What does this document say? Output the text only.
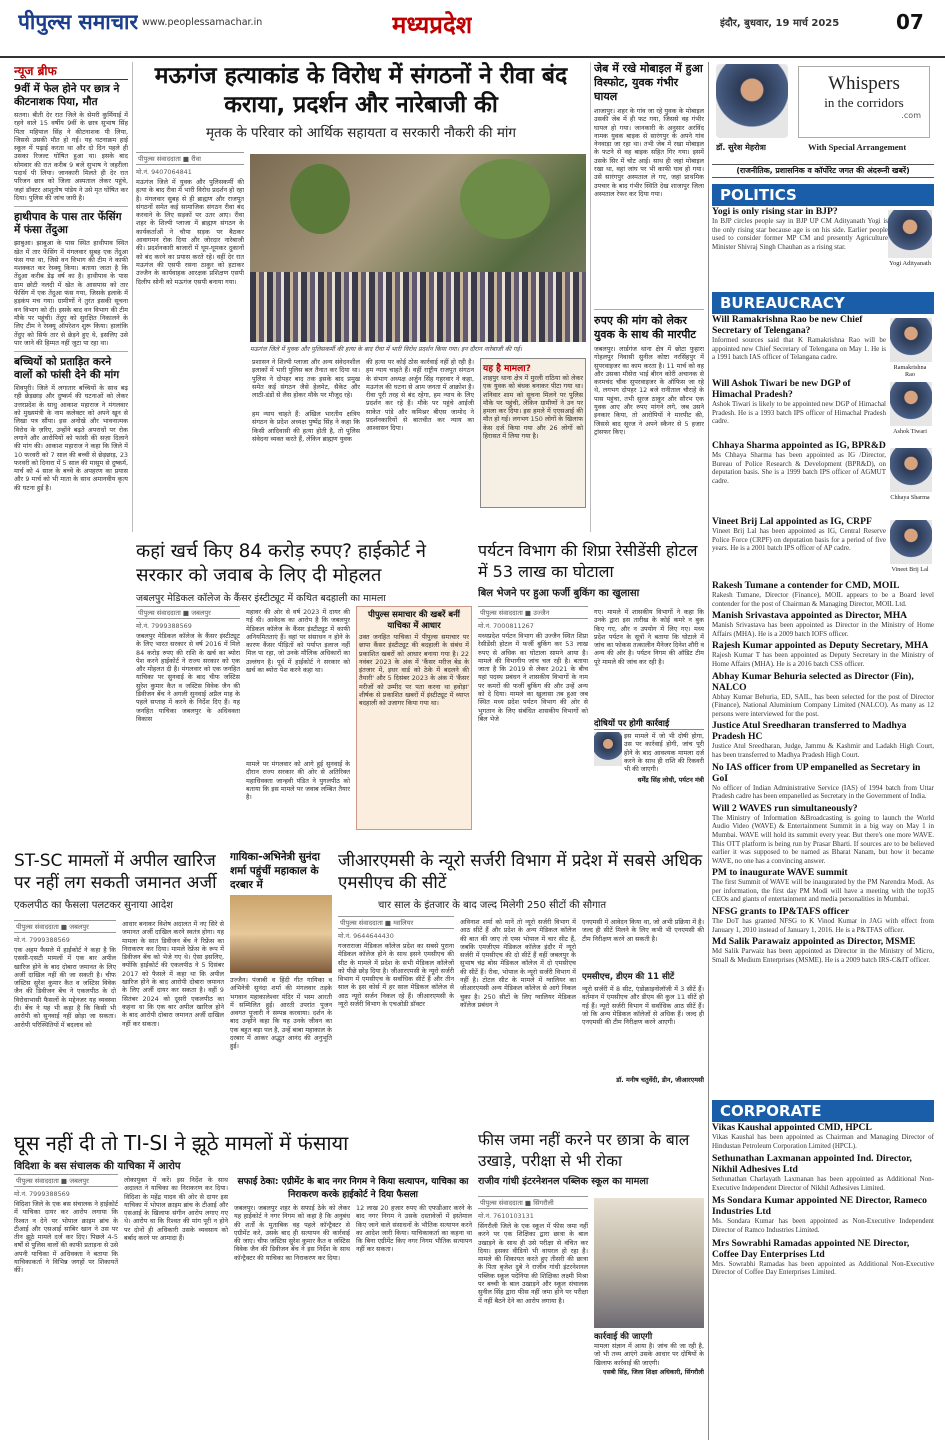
पीपुल्स समाचार www.peoplessamachar.in	मध्यप्रदेश	इंदौर, बुधवार, 19 मार्च 2025	07
न्यूज ब्रीफ
9वीं में फेल होने पर छात्र ने कीटनाशक पिया, मौत
सतना। बीती देर रात जिले के सेमरी कुर्मियाई में रहने वाले 15 वर्षीय 9वीं के छात्र सुभाष सिंह पिता महिपाल सिंह ने कीटनाशक पी लिया, जिससे उसकी मौत हो गई। यह घटनाक्रम हाई स्कूल में पढ़ाई करता था और दो दिन पहले ही उसका रिजल्ट घोषित हुआ था। इसके बाद सोमवार की रात करीब 9 बजे सुभाष ने जहरीला पदार्थ पी लिया। जानकारी मिलते ही देर रात परिजन छात्र को जिला अस्पताल लेकर पहुंचे, जहां डॉक्टर आशुतोष पांडेय ने उसे मृत घोषित कर दिया। पुलिस की जांच जारी है।
हाथीपाव के पास तार फेंसिंग में फंसा तेंदुआ
झाबुआ। झाबुआ के पास स्थित हाथीपाव स्थित खेत में तार फेंसिंग में मंगलवार सुबह एक तेंदुआ फंस गया था, जिसे वन विभाग की टीम ने काफी मशक्कत कर रेस्क्यू किया। बताया जाता है कि तेंदुआ करीब डेढ़ वर्ष का है। हाथीपाव के पास ग्राम छोटी नलदी में खेत के आसपास को तार फेंसिंग में एक तेंदुआ फंस गया, जिसके इलाके में हड़कंप मच गया। ग्रामीणों ने तुरंत इसकी सूचना वन विभाग को दी। इसके बाद वन विभाग की टीम मौके पर पहुंची। तेंदुए को सुरक्षित निकालने के लिए टीम ने रेस्क्यू ऑपरेशन शुरू किया। हालांकि तेंदुए को सिर्फ तार से छेड़ने हुए थे, इसलिए उसे पार जाने की हिम्मत नहीं जुटा पा रहा था।
बच्चियों को प्रताड़ित करने वालों को फांसी देने की मांग
शिवपुरी। जिले में लगातार बच्चियों के साथ बढ़ रही छेड़छाड़ और दुष्कर्म की घटनाओं को लेकर उत्तरप्रदेश के साधु आकाश महाराज ने मंगलवार को मुख्यमंत्री के नाम कलेक्टर को अपने खून से लिखा पत्र सौंपा। इस अनोखे और भावनात्मक विरोध के ज़रिए, उन्होंने बढ़ते अपराधों पर रोक लगाने और आरोपियों को फांसी की सज़ा दिलाने की मांग की। आकाश महाराज ने कहा कि जिले में 10 फरवरी को 7 साल की बच्ची से छेड़छाड़, 23 फरवरी को दिनारा में 5 साल की मासूम से दुष्कर्म, मार्च को 4 साल के बच्चे के अपहरण का प्रयास और 9 मार्च को भी माता के साथ अमानवीय कृत्य की घटना हुई है।
मऊगंज हत्याकांड के विरोध में संगठनों ने रीवा बंद कराया, प्रदर्शन और नारेबाजी की
मृतक के परिवार को आर्थिक सहायता व सरकारी नौकरी की मांग
पीपुल्स संवाददाता ■ रीवा
मो.नं. 9407064841
मऊगंज जिले में युवक और पुलिसकर्मी की हत्या के बाद रीवा में भारी विरोध प्रदर्शन हो रहा है। मंगलवार सुबह से ही ब्राह्मण और राजपूत संगठनों समेत कई सामाजिक संगठन रीवा बंद करवाने के लिए सड़कों पर उतर आए। रीवा शहर के शिल्पी प्लाजा में ब्राह्मण संगठन के कार्यकर्ताओं ने चौपा सड़क पर बैठकर आवागमन रोक दिया और जोरदार नारेबाजी की। प्रदर्शनकारी बाजारों में घूम-घूमकर दुकानों को बंद करने का प्रयास करते रहे। वहीं देर रात मऊगंज की एसपी रसना ठाकुर को हटाकर उज्जैन के कार्यवाहक आरक्षक प्रशिक्षण एसपी दिलीप सोनी को मऊगंज एसपी बनाया गया।
मऊगंज जिले में युवक और पुलिसकर्मी की हत्या के बाद रीवा में भारी विरोध प्रदर्शन किया गया। इन दौरान नारेबाजी की गई।
प्रशासन ने शिल्पी प्लाजा और अन्य संवेदनशील इलाकों में भारी पुलिस बल तैनात कर दिया था। पुलिस ने दोपहर बाद तक इसके बाद प्रमुख समेत कई संगठन जैसे हेलमेट, सैकेट और लाठी-डंडों से लैस होकर मौके पर मौजूद रहे।
हम न्याय चाहते हैं: अखिल भारतीय क्षत्रिय संगठन के प्रदेश अध्यक्ष पुष्पेंद्र सिंह ने कहा कि किसी आदिवासी की हत्या होती है, तो पुलिस संवेदना व्यक्त करते हैं, लेकिन ब्राह्मण युवक
की हत्या पर कोई ठोस कार्रवाई नहीं हो रही है। हम न्याय चाहते हैं। वहीं राष्ट्रीय राजपूत संगठन के संभाग अध्यक्ष अर्जुन सिंह गहरवार ने कहा, मऊगंज की घटना से आम जनता में आक्रोश है। रीवा पूरी तरह से बंद रहेगा, हम न्याय के लिए प्रदर्शन कर रहे हैं। मौके पर पहुंचे आईजी साकेत पांडे और कमिश्नर बीएस जामोद ने प्रदर्शनकारियों से बातचीत कर न्याय का आश्वासन दिया।
यह है मामला?
शाहपुर थाना क्षेत्र में मुरली राठिया को लेकर एक युवक को बंधक बनाकर पीटा गया था। शनिवार शाम को सूचना मिलने पर पुलिस मौके पर पहुंची, लेकिन ग्रामीणों ने उन पर हमला कर दिया। इस हमले में एएसआई की मौत हो गई। लगभग 150 लोगों के खिलाफ केस दर्ज किया गया और 26 लोगों को हिरासत में लिया गया है।
जेब में रखे मोबाइल में हुआ विस्फोट, युवक गंभीर घायल
शाजापुर। शहर के गांव जा रहे युवक के मोबाइल उसकी जेब में ही फट गया, जिससे वह गंभीर घायल हो गया। जानकारी के अनुसार अरविंद नामक युवक बाइक से सारंगपुर के अपने गांव नेनवाड़ा जा रहा था। तभी जेब में रखा मोबाइल के फटने से वह बाइक सहित गिर गया। इसमें उसके सिर में चोट आई। साथ ही जहां मोबाइल रखा था, वहां जांघ पर भी काफी घाव हो गया। उसे सारंगपुर अस्पताल ले गए, जहां प्राथमिक उपचार के बाद गंभीर स्थिति देख शाजापुर जिला अस्पताल रेफर कर दिया गया।
रुपए की मांग को लेकर युवक के साथ की मारपीट
जबलपुर। लार्डगंज थाना क्षेत्र में छोटा फुहारा गोहलपुर निवासी सुनील कोष्टा नरसिंहपुर में सुपरवाइजर का काम करता है। 11 मार्च को वह और उसका मौसेरा भाई बीरन कोरी अचानक से करमचंद चौक सुपरवाइजर के ऑफिस जा रहे थे, लगभग दोपहर 12 बजे रानीताल चौराहे के पास पहुंचा, तभी सुरज ठाकुर और सौरभ एक युवक आए और रुपए मांगने लगे, जब उसने इनकार किया, तो आरोपियों ने मारपीट की, जिससे बाद सूरज ने अपने स्कैनर से 5 हजार ट्रांसफर किए।
कहां खर्च किए 84 करोड़ रुपए? हाईकोर्ट ने सरकार को जवाब के लिए दी मोहलत
जबलपुर मेडिकल कॉलेज के कैंसर इंस्टीट्यूट में कथित बदहाली का मामला
पीपुल्स संवाददाता ■ जबलपुर
मो.नं. 7999388569
जबलपुर मेडिकल कॉलेज के कैंसर इंस्टीट्यूट के लिए भारत सरकार से वर्ष 2016 में मिले 84 करोड़ रुपए की राशि के खर्च का ब्योरा पेश करने हाईकोर्ट ने राज्य सरकार को एक और मोहलत दी है। मंगलवार को एक जनहित याचिका पर सुनवाई के बाद चीफ जस्टिस सुरेश कुमार कैत व जस्टिस विवेक जैन की डिवीजन बेंच ने अगली सुनवाई अप्रैल माह के पहले सप्ताह में करने के निर्देश दिए हैं। यह जनहित याचिका जबलपुर के अधिवक्ता विकास
महावर की ओर से वर्ष 2023 में दायर की गई थी। आवेदक का आरोप है कि जबलपुर मेडिकल कॉलेज के कैंसर इंस्टीट्यूट में काफी अनियमितताएं हैं। वहां पर संसाधन न होने के कारण कैंसर पीड़ितों को पर्याप्त इलाज नहीं मिल पा रहा, जो उनके मौलिक अधिकारों का उल्लंघन है। पूर्व में हाईकोर्ट ने सरकार को खर्च का ब्योरा पेश करने कहा था।
मामले पर मंगलवार को आगे हुई सुनवाई के दौरान राज्य सरकार की ओर से अतिरिक्त महाधिवक्ता जान्हवी पंडित ने युगलपीठ को बताया कि इस मामले पर जवाब लम्बित तैयार है।
पीपुल्स समाचार की खबरें बनीं याचिका में आधार
उक्त जनहित याचिका में पीपुल्स समाचार पर छापा कैंसर इंस्टीट्यूट की बदहाली के संबंध में प्रकाशित खबरों को आधार बनाया गया है। 22 नवंबर 2023 के अंक में 'कैंसर मरीज बेड के इंतजार में, इधर वार्ड को ठेके में बदलने की तैयारी' और 5 दिसंबर 2023 के अंक में 'कैंसर मरीजों को उम्मीद पर पता करना था हवोड़ा' शीर्षक से प्रकाशित खबरों में इंस्टीट्यूट में व्याप्त बदहाली को उजागर किया गया था।
पर्यटन विभाग की शिप्रा रेसीडेंसी होटल में 53 लाख का घोटाला
बिल भेजने पर हुआ फर्जी बुकिंग का खुलासा
पीपुल्स संवाददाता ■ उज्जैन
मो.नं. 7000811267
मध्यप्रदेश पर्यटन विभाग की उज्जैन स्थित शिप्रा रेसीडेंसी होटल में फर्जी बुकिंग कर 53 लाख रुपए से अधिक का घोटाला सामने आया है। मामले की विभागीय जांच चल रही है। बताया जाता है कि 2019 से लेकर 2021 के बीच यहां पदस्थ प्रबंधन ने शासकीय विभागों के नाम पर कमरों की फर्जी बुकिंग की और उन्हें अन्य को दे दिया। मामले का खुलासा तब हुआ जब स्थित मध्य प्रदेश पर्यटन विभाग की ओर से भुगतान के लिए संबंधित शासकीय विभागों को बिल भेजे
गए। मामले में शासकीय विभागों ने कहा कि उनके द्वारा इस तारीख के कोई कमरे न बुक किए गए, और न उपयोग में लिए गए। मध्य प्रदेश पर्यटन के सूत्रों ने बताया कि घोटाले में जांच का फोकस तत्कालीन मैनेजर दिनेश शौरी व अन्य की ओर है। पर्यटन निगम की ऑडिट टीम पूरे मामले की जांच कर रही है।
दोषियों पर होगी कार्रवाई
इस मामले में जो भी दोषी होगा, उस पर कार्रवाई होगी, जांच पूरी होने के बाद आवश्यक मामला दर्ज करने के साथ ही राशि की रिकवरी भी की जाएगी।
धर्मेंद्र सिंह लोधी, पर्यटन मंत्री
ST-SC मामलों में अपील खारिज पर नहीं लग सकती जमानत अर्जी
एकलपीठ का फैसला पलटकर सुनाया आदेश
पीपुल्स संवाददाता ■ जबलपुर
मो.नं. 7999388569
एक अहम फैसले में हाईकोर्ट ने कहा है कि एससी-एसटी मामलों में एक बार अपील खारिज होने के बाद दोबारा जमानत के लिए अर्जी दाखिल नहीं की जा सकती है। चीफ जस्टिस सुरेश कुमार कैत व जस्टिस विवेक जैन की डिवीजन बेंच ने एकलपीठ के दो विरोधाभासी फैसलों के मद्देनजर यह व्यवस्था दी। बेंच ने यह भी कहा है कि किसी भी आरोपी को सुनवाई नहीं छोड़ा जा सकता। आरोपी परिस्थितियों में बदलाव को
आधार बनाकर विशेष अदालत में नए सिरे से जमानत अर्जी दाखिल करने स्वतंत्र होगा। यह मामला के सात डिवीजन बेंच ने रिफ्रेंस का निराकरण कर दिया। मामले रेफ्रेंस के रूप में डिवीजन बेंच को भेजे गए थे। ऐसा इसलिए, क्योंकि हाईकोर्ट की एकलपीठ ने 5 दिसंबर 2017 को फैसले में कहा था कि अपील खारिज होने के बाद आरोपी दोबारा जमानत के लिए अर्जी दायर कर सकता है। वहीं 9 सितंबर 2024 को दूसरी एकलपीठ का कहना था कि एक बार अपील खारिज होने के बाद आरोपी दोबारा जमानत अर्जी दाखिल नहीं कर सकता।
गायिका-अभिनेत्री सुनंदा शर्मा पहुंचीं महाकाल के दरबार में
उज्जैन। पंजाबी व हिंदी गीत गायिका व अभिनेत्री सुनंदा शर्मा की मंगलवार तड़के भगवान महाकालेश्वर मंदिर में भस्म आरती में सम्मिलित हुईं। आरती उपरांत पूजन अवगत पुजारी ने सम्पन्न करवाया। दर्शन के बाद उन्होंने कहा कि यह उनके जीवन का एक बहुत बड़ा पल है, उन्हें बाबा महाकाल के दरबार में आकर अद्भुत आनंद की अनुभूति हुई।
जीआरएमसी के न्यूरो सर्जरी विभाग में प्रदेश में सबसे अधिक एमसीएच की सीटें
चार साल के इंतजार के बाद जल्द मिलेगी 250 सीटों की सौगात
पीपुल्स संवाददाता ■ ग्वालियर
मो.नं. 9644644430
गजराराजा मेडिकल कॉलेज प्रदेश का सबसे पुराना मेडिकल कॉलेज होने के साथ इसने एमसीएच की सीट के मामले में प्रदेश के सभी मेडिकल कॉलेजों को पीछे छोड़ दिया है। जीआरएमसी के न्यूरो सर्जरी विभाग में एमसीएच के सर्वाधिक सीटें हैं और तीन साल के इस कोर्स में हर साल मेडिकल कॉलेज से आठ न्यूरो सर्जन निकल रहे हैं। जीआरएमसी के न्यूरो सर्जरी विभाग के एचओडी डॉक्टर
अविनाश शर्मा को मानें तो न्यूरो सर्जरी विभाग में आठ सीटें हैं और प्रदेश के अन्य मेडिकल कॉलेज की बात की जाए तो एम्स भोपाल में चार सीट हैं, जबकि एमजीएम मेडिकल कॉलेज इंदौर में न्यूरो सर्जरी में एमसीएच की दो सीटें हैं वहीं जबलपुर के सुभाष चंद्र बोस मेडिकल कॉलेज में दो एमसीएच की सीटें हैं। रीवा, भोपाल के न्यूरो सर्जरी विभाग में नहीं है। टोटल सीट के मामले में ग्वालियर का जीआरएमसी अन्य मेडिकल कॉलेज से आगे निकल चुका है। 250 सीटों के लिए ग्वालियर मेडिकल कॉलेज प्रबंधन ने
एनएमसी में आवेदन किया था, जो अभी प्रक्रिया में है। जल्द ही सीटें मिलने के लिए कभी भी एनएमसी की टीम निरीक्षण करने आ सकती है।
एमसीएच, डीएम की 11 सीटें
न्यूरो सर्जरी में 8 सीट, एंडोक्राइनोलॉजी में 3 सीटें हैं। वर्तमान में एमसीएच और डीएम की कुल 11 सीटें हो गई हैं। न्यूरो सर्जरी विभाग में सर्वाधिक आठ सीटें हैं। जो कि अन्य मेडिकल कॉलेजों से अधिक हैं। जल्द ही एनएमसी की टीम निरीक्षण करने आएगी।
डॉ. मनीष चतुर्वेदी, डीन, जीआरएमसी
घूस नहीं दी तो TI-SI ने झूठे मामलों में फंसाया
विदिशा के बस संचालक की याचिका में आरोप
पीपुल्स संवाददाता ■ जबलपुर
मो.नं. 7999388569
विदिशा जिले के एक बस संचालक ने हाईकोर्ट में याचिका दायर कर आरोप लगाया कि रिश्वत न देने पर भोपाल क्राइम ब्रांच के टीआई और एसआई साबिर खान ने उस पर तीन झूठे मामले दर्ज कर दिए। पिछले 4-5 वर्षों से पुलिस वालों की काफी प्रताड़ना से उसे अपनी याचिका में अधिवक्ता ने बताया कि याचिकाकर्ता ने विभिन्न जगहों पर शिकायतें कीं।
लोकायुक्त में करें। इस निर्देश के साथ अदालत ने याचिका का निराकरण कर दिया। विदिशा के महेंद्र यादव की ओर से दायर इस याचिका में भोपाल क्राइम ब्रांच के टीआई और एसआई के खिलाफ संगीन आरोप लगाए गए थे। आरोप था कि रिश्वत की मांग पूरी न होने पर दोनों ही अधिकारी उसके व्यवसाय को बर्बाद करने पर आमादा हैं।
सफाई ठेका: एग्रीमेंट के बाद नगर निगम ने किया सत्यापन, याचिका का निराकरण करके हाईकोर्ट ने दिया फैसला
जबलपुर। जबलपुर शहर के सफाई ठेके को लेकर यह हाईकोर्ट ने नगर निगम को कहा है कि अनुबंध की शर्तों के मुताबिक वह पहले कॉन्ट्रैक्टर से एग्रीमेंट करे, उसके बाद ही सत्यापन की कार्रवाई की जाए। चीफ जस्टिस सुरेश कुमार कैत व जस्टिस विवेक जैन की डिवीजन बेंच ने इस निर्देश के साथ कॉन्ट्रैक्टर की याचिका का निराकरण कर दिया।
12 लाख 20 हजार रुपए की एफडीआर करने के बाद नगर निगम ने उसके दस्तावेजों में इस्तेमाल किए जाने वाले संसाधनों के भौतिक सत्यापन करने का आदेश जारी किया। याचिकाकर्ता का कहना था कि बिना एग्रीमेंट किए नगर निगम भौतिक सत्यापन नहीं कर सकता।
फीस जमा नहीं करने पर छात्रा के बाल उखाड़े, परीक्षा से भी रोका
राजीव गांधी इंटरनेशनल पब्लिक स्कूल का मामला
पीपुल्स संवाददाता ■ सिंगरौली
मो.नं. 7610103131
सिंगरौली जिले के एक स्कूल में फीस जमा नहीं करने पर एक शिक्षिका द्वारा छात्रा के बाल उखाड़ने के साथ ही उसे परीक्षा से वंचित कर दिया। इसका वीडियो भी वायरल हो रहा है। मामले की शिकायत करते हुए तीसरी की छात्रा के पिता बृजेश दुबे ने राजीव गांधी इंटरनेशनल पब्लिक स्कूल पदेनिया की शिक्षिका लक्ष्मी मिश्रा पर बच्ची के बाल उखाड़ने और स्कूल संचालक सुनील सिंह द्वारा फीस नहीं जमा होने पर परीक्षा में नहीं बैठने देने का आरोप लगाया है।
कार्रवाई की जाएगी
मामला संज्ञान में आया है। जांच की जा रही है, जो भी तथ्य आएंगे उसके आधार पर दोषियों के खिलाफ कार्रवाई की जाएगी।
एसबी सिंह, जिला शिक्षा अधिकारी, सिंगरौली
Whispers
in the corridors
.com
डॉ. सुरेश मेहरोत्रा	With Special Arrangement
(राजनीतिक, प्रशासनिक व कॉर्पोरेट जगत की अंदरूनी खबरें)
POLITICS
Yogi is only rising star in BJP?
In BJP circles people say in BJP UP CM Adityanath Yogi is the only rising star because age is on his side. Earlier people used to consider former MP CM and presently Agriculture Minister Shivraj Singh Chauhan as a rising star.
Yogi Adityanath
BUREAUCRACY
Will Ramakrishna Rao be new Chief Secretary of Telengana?
Informed sources said that K Ramakrishna Rao will be appointed new Chief Secretary of Telengana on May 1. He is a 1991 batch IAS officer of Telangana cadre.
Ramakrishna Rao
Will Ashok Tiwari be new DGP of Himachal Pradesh?
Ashok Tiwari is likely to be appointed new DGP of Himachal Pradesh. He is a 1993 batch IPS officer of Himachal Pradesh cadre.
Ashok Tiwari
Chhaya Sharma appointed as IG, BPR&D
Ms Chhaya Sharma has been appointed as IG /Director, Bureau of Police Research & Development (BPR&D), on deputation basis. She is a 1999 batch IPS officer of AGMUT cadre.
Chhaya Sharma
Vineet Brij Lal appointed as IG, CRPF
Vineet Brij Lal has been appointed as IG, Central Reserve Police Force (CRPF) on deputation basis for a period of five years. He is a 2001 batch IPS officer of AP cadre.
Vineet Brij Lal
Rakesh Tumane a contender for CMD, MOIL
Rakesh Tumane, Director (Finance), MOIL appears to be a Board level contender for the post of Chairman & Managing Director, MOIL Ltd.
Manish Srivastava appointed as Director, MHA
Manish Srivastava has been appointed as Director in the Ministry of Home Affairs (MHA). He is a 2009 batch IOFS officer.
Rajesh Kumar appointed as Deputy Secretary, MHA
Rajesh Kumar T has been appointed as Deputy Secretary in the Ministry of Home Affairs (MHA). He is a 2016 batch CSS officer.
Abhay Kumar Behuria selected as Director (Fin), NALCO
Abhay Kumar Behuria, ED, SAIL, has been selected for the post of Director (Finance), National Aluminium Company Limited (NALCO). As many as 12 persons were interviewed for the post.
Justice Atul Sreedharan transferred to Madhya Pradesh HC
Justice Atul Sreedharan, Judge, Jammu & Kashmir and Ladakh High Court, has been transferred to Madhya Pradesh High Court.
No IAS officer from UP empanelled as Secretary in GoI
No officer of Indian Administrative Service (IAS) of 1994 batch from Uttar Pradesh cadre has been empanelled as Secretary in the Government of India.
Will 2 WAVES run simultaneously?
The Ministry of Information &Broadcasting is going to launch the World Audio Video (WAVE) & Entertainment Summit in a big way on May 1 in Mumbai. WAVE will hold its summit every year. But there's one more WAVE. This OTT platform is being run by Prasar Bharti. If sources are to be believed earlier it was supposed to be named as Bharat Nanam, but how it became WAVE, no one has a convincing answer.
PM to inaugurate WAVE summit
The first Summit of WAVE will be inaugurated by the PM Narendra Modi. As per information, the first day PM Modi will have a meeting with the top35 CEOs and giants of entertainment and media personalities in Mumbai.
NFSG grants to IP&TAFS officer
The DoT has granted NFSG to K Vinod Kumar in JAG with effect from January 1, 2010 instead of January 1, 2016. He is a P&TFAS officer.
Md Salik Parawaiz appointed as Director, MSME
Md Salik Parwaiz has been appointed as Director in the Ministry of Micro, Small & Medium Enterprises (MSME). He is a 2009 batch IRS-C&IT officer.
CORPORATE
Vikas Kaushal appointed CMD, HPCL
Vikas Kaushal has been appointed as Chairman and Managing Director of Hindustan Petroleum Corporation Limited (HPCL).
Sethunathan Laxmanan appointed Ind. Director, Nikhil Adhesives Ltd
Sethunathan Charlayath Laxmanan has been appointed as Additional Non-Executive Independent Director of Nikhil Adhesives Limited.
Ms Sondara Kumar appointed NE Director, Rameco Industries Ltd
Ms. Sondara Kumar has been appointed as Non-Executive Independent Director of Ramco Industries Limited.
Mrs Sowrabhi Ramadas appointed NE Director, Coffee Day Enterprises Ltd
Mrs. Sowrabhi Ramadas has been appointed as Additional Non-Executive Director of Coffee Day Enterprises Limited.
